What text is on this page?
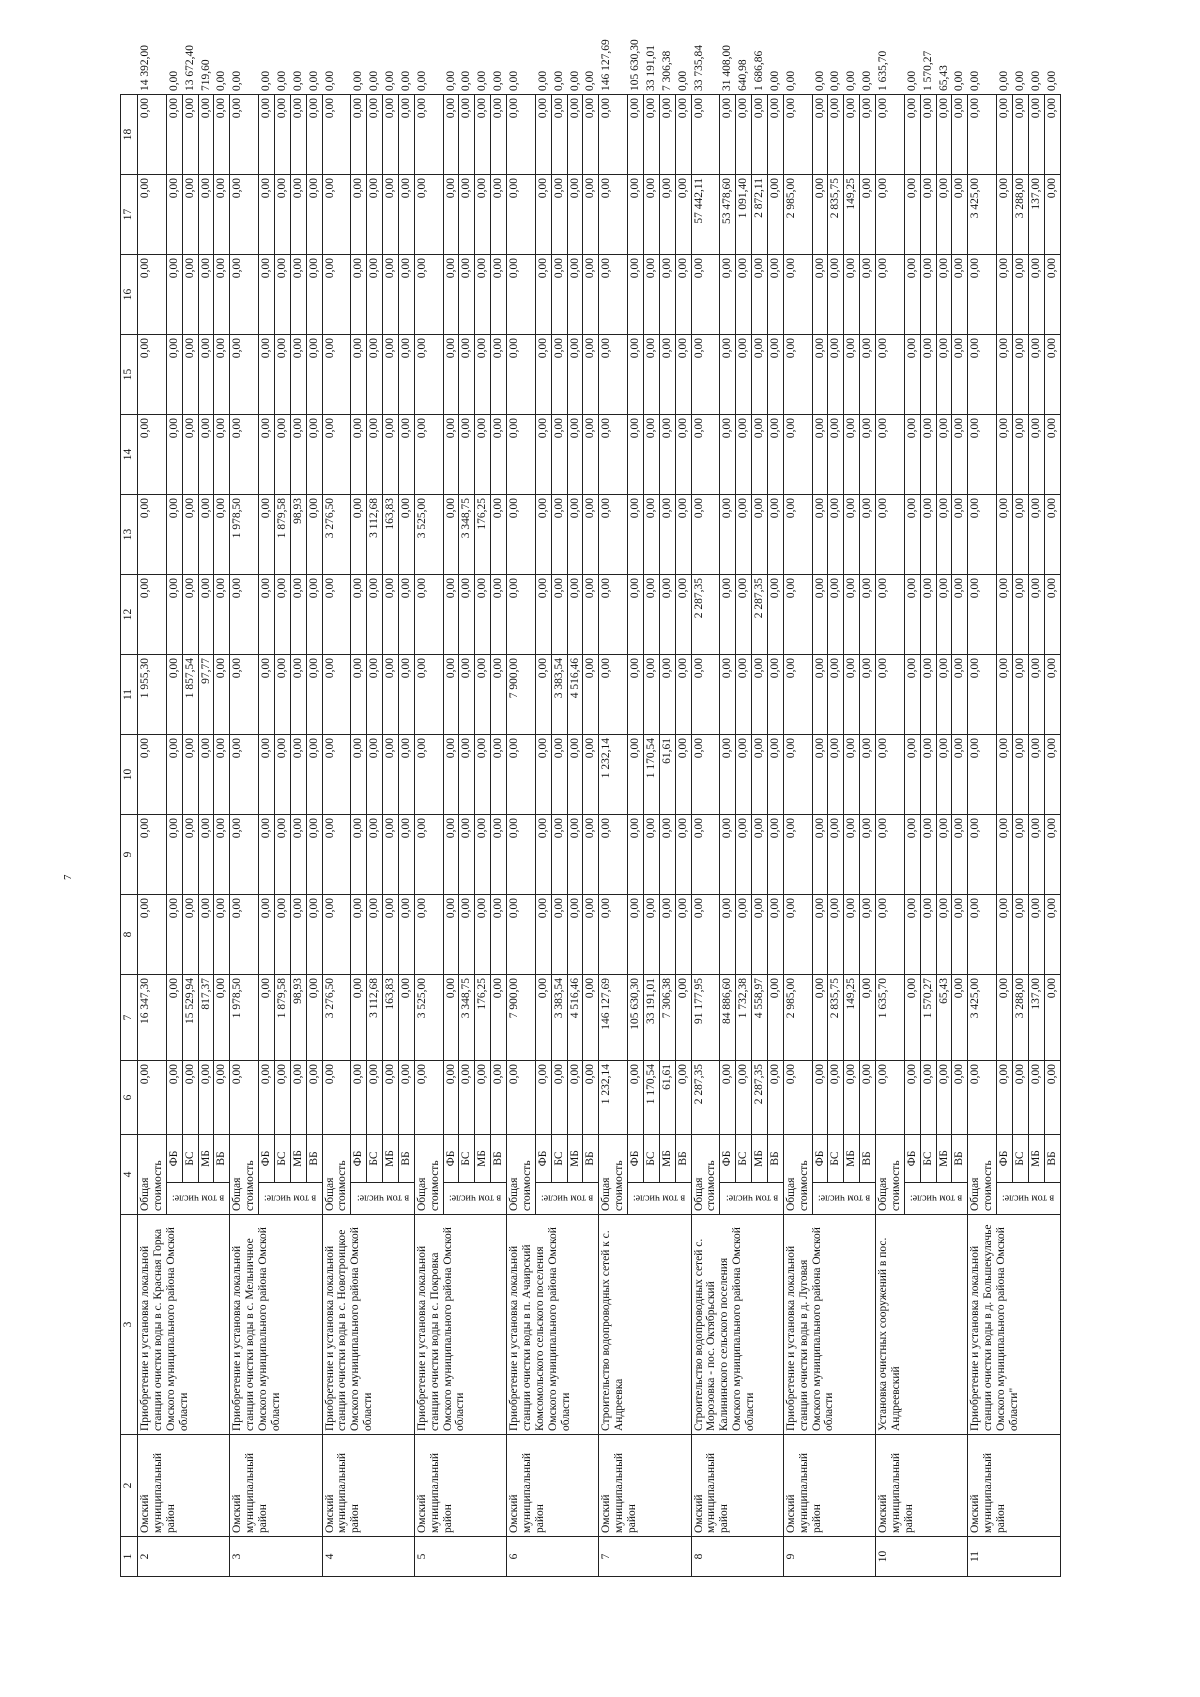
7
1	2	3	4		6	7	8	9	10	11	12	13	14	15	16	17	18	
2	Омский муниципальный район	Приобретение и установка локальной станции очистки воды в с. Красная Горка Омского муниципального района Омской области	Общая стоимость		0,00	16 347,30	0,00	0,00	0,00	1 955,30	0,00	0,00	0,00	0,00	0,00	0,00	0,00	14 392,00

			в том числе:	ФБ	0,00	0,00	0,00	0,00	0,00	0,00	0,00	0,00	0,00	0,00	0,00	0,00	0,00	0,00
				БС	0,00	15 529,94	0,00	0,00	0,00	1 857,54	0,00	0,00	0,00	0,00	0,00	0,00	0,00	13 672,40
				МБ	0,00	817,37	0,00	0,00	0,00	97,77	0,00	0,00	0,00	0,00	0,00	0,00	0,00	719,60
				ВБ	0,00	0,00	0,00	0,00	0,00	0,00	0,00	0,00	0,00	0,00	0,00	0,00	0,00	0,00
3	Омский муниципальный район	Приобретение и установка локальной станции очистки воды в с. Мельничное Омского муниципального района Омской области	Общая стоимость		0,00	1 978,50	0,00	0,00	0,00	0,00	0,00	1 978,50	0,00	0,00	0,00	0,00	0,00	0,00

			в том числе:	ФБ	0,00	0,00	0,00	0,00	0,00	0,00	0,00	0,00	0,00	0,00	0,00	0,00	0,00	0,00
				БС	0,00	1 879,58	0,00	0,00	0,00	0,00	0,00	1 879,58	0,00	0,00	0,00	0,00	0,00	0,00
				МБ	0,00	98,93	0,00	0,00	0,00	0,00	0,00	98,93	0,00	0,00	0,00	0,00	0,00	0,00
				ВБ	0,00	0,00	0,00	0,00	0,00	0,00	0,00	0,00	0,00	0,00	0,00	0,00	0,00	0,00
4	Омский муниципальный район	Приобретение и установка локальной станции очистки воды в с. Новотроицкое Омского муниципального района Омской области	Общая стоимость		0,00	3 276,50	0,00	0,00	0,00	0,00	0,00	3 276,50	0,00	0,00	0,00	0,00	0,00	0,00

			в том числе:	ФБ	0,00	0,00	0,00	0,00	0,00	0,00	0,00	0,00	0,00	0,00	0,00	0,00	0,00	0,00
				БС	0,00	3 112,68	0,00	0,00	0,00	0,00	0,00	3 112,68	0,00	0,00	0,00	0,00	0,00	0,00
				МБ	0,00	163,83	0,00	0,00	0,00	0,00	0,00	163,83	0,00	0,00	0,00	0,00	0,00	0,00
				ВБ	0,00	0,00	0,00	0,00	0,00	0,00	0,00	0,00	0,00	0,00	0,00	0,00	0,00	0,00
5	Омский муниципальный район	Приобретение и установка локальной станции очистки воды в с. Покровка Омского муниципального района Омской области	Общая стоимость		0,00	3 525,00	0,00	0,00	0,00	0,00	0,00	3 525,00	0,00	0,00	0,00	0,00	0,00	0,00

			в том числе:	ФБ	0,00	0,00	0,00	0,00	0,00	0,00	0,00	0,00	0,00	0,00	0,00	0,00	0,00	0,00
				БС	0,00	3 348,75	0,00	0,00	0,00	0,00	0,00	3 348,75	0,00	0,00	0,00	0,00	0,00	0,00
				МБ	0,00	176,25	0,00	0,00	0,00	0,00	0,00	176,25	0,00	0,00	0,00	0,00	0,00	0,00
				ВБ	0,00	0,00	0,00	0,00	0,00	0,00	0,00	0,00	0,00	0,00	0,00	0,00	0,00	0,00
6	Омский муниципальный район	Приобретение и установка локальной станции очистки воды в п. Ачаирский Комсомольского сельского поселения Омского муниципального района Омской области	Общая стоимость		0,00	7 900,00	0,00	0,00	0,00	7 900,00	0,00	0,00	0,00	0,00	0,00	0,00	0,00	0,00

			в том числе:	ФБ	0,00	0,00	0,00	0,00	0,00	0,00	0,00	0,00	0,00	0,00	0,00	0,00	0,00	0,00
				БС	0,00	3 383,54	0,00	0,00	0,00	3 383,54	0,00	0,00	0,00	0,00	0,00	0,00	0,00	0,00
				МБ	0,00	4 516,46	0,00	0,00	0,00	4 516,46	0,00	0,00	0,00	0,00	0,00	0,00	0,00	0,00
				ВБ	0,00	0,00	0,00	0,00	0,00	0,00	0,00	0,00	0,00	0,00	0,00	0,00	0,00	0,00
7	Омский муниципальный район	Строительство водопроводных сетей к с. Андреевка	Общая стоимость		1 232,14	146 127,69	0,00	0,00	1 232,14	0,00	0,00	0,00	0,00	0,00	0,00	0,00	0,00	146 127,69

			в том числе:	ФБ	0,00	105 630,30	0,00	0,00	0,00	0,00	0,00	0,00	0,00	0,00	0,00	0,00	0,00	105 630,30
				БС	1 170,54	33 191,01	0,00	0,00	1 170,54	0,00	0,00	0,00	0,00	0,00	0,00	0,00	0,00	33 191,01
				МБ	61,61	7 306,38	0,00	0,00	61,61	0,00	0,00	0,00	0,00	0,00	0,00	0,00	0,00	7 306,38
				ВБ	0,00	0,00	0,00	0,00	0,00	0,00	0,00	0,00	0,00	0,00	0,00	0,00	0,00	0,00
8	Омский муниципальный район	Строительство водопроводных сетей с. Морозовка - пос. Октябрьский Калининского сельского поселения Омского муниципального района Омской области	Общая стоимость		2 287,35	91 177,95	0,00	0,00	0,00	0,00	2 287,35	0,00	0,00	0,00	0,00	57 442,11	0,00	33 735,84

			в том числе:	ФБ	0,00	84 886,60	0,00	0,00	0,00	0,00	0,00	0,00	0,00	0,00	0,00	53 478,60	0,00	31 408,00
				БС	0,00	1 732,38	0,00	0,00	0,00	0,00	0,00	0,00	0,00	0,00	0,00	1 091,40	0,00	640,98
				МБ	2 287,35	4 558,97	0,00	0,00	0,00	0,00	2 287,35	0,00	0,00	0,00	0,00	2 872,11	0,00	1 686,86
				ВБ	0,00	0,00	0,00	0,00	0,00	0,00	0,00	0,00	0,00	0,00	0,00	0,00	0,00	0,00
9	Омский муниципальный район	Приобретение и установка локальной станции очистки воды в д. Луговая Омского муниципального района Омской области	Общая стоимость		0,00	2 985,00	0,00	0,00	0,00	0,00	0,00	0,00	0,00	0,00	0,00	2 985,00	0,00	0,00

			в том числе:	ФБ	0,00	0,00	0,00	0,00	0,00	0,00	0,00	0,00	0,00	0,00	0,00	0,00	0,00	0,00
				БС	0,00	2 835,75	0,00	0,00	0,00	0,00	0,00	0,00	0,00	0,00	0,00	2 835,75	0,00	0,00
				МБ	0,00	149,25	0,00	0,00	0,00	0,00	0,00	0,00	0,00	0,00	0,00	149,25	0,00	0,00
				ВБ	0,00	0,00	0,00	0,00	0,00	0,00	0,00	0,00	0,00	0,00	0,00	0,00	0,00	0,00
10	Омский муниципальный район	Установка очистных сооружений в пос. Андреевский	Общая стоимость		0,00	1 635,70	0,00	0,00	0,00	0,00	0,00	0,00	0,00	0,00	0,00	0,00	0,00	1 635,70

			в том числе:	ФБ	0,00	0,00	0,00	0,00	0,00	0,00	0,00	0,00	0,00	0,00	0,00	0,00	0,00	0,00
				БС	0,00	1 570,27	0,00	0,00	0,00	0,00	0,00	0,00	0,00	0,00	0,00	0,00	0,00	1 570,27
				МБ	0,00	65,43	0,00	0,00	0,00	0,00	0,00	0,00	0,00	0,00	0,00	0,00	0,00	65,43
				ВБ	0,00	0,00	0,00	0,00	0,00	0,00	0,00	0,00	0,00	0,00	0,00	0,00	0,00	0,00
11	Омский муниципальный район	Приобретение и установка локальной станции очистки воды в д. Большекулачье Омского муниципального района Омской области"	Общая стоимость		0,00	3 425,00	0,00	0,00	0,00	0,00	0,00	0,00	0,00	0,00	0,00	3 425,00	0,00	0,00

			в том числе:	ФБ	0,00	0,00	0,00	0,00	0,00	0,00	0,00	0,00	0,00	0,00	0,00	0,00	0,00	0,00
				БС	0,00	3 288,00	0,00	0,00	0,00	0,00	0,00	0,00	0,00	0,00	0,00	3 288,00	0,00	0,00
				МБ	0,00	137,00	0,00	0,00	0,00	0,00	0,00	0,00	0,00	0,00	0,00	137,00	0,00	0,00
				ВБ	0,00	0,00	0,00	0,00	0,00	0,00	0,00	0,00	0,00	0,00	0,00	0,00	0,00	0,00
